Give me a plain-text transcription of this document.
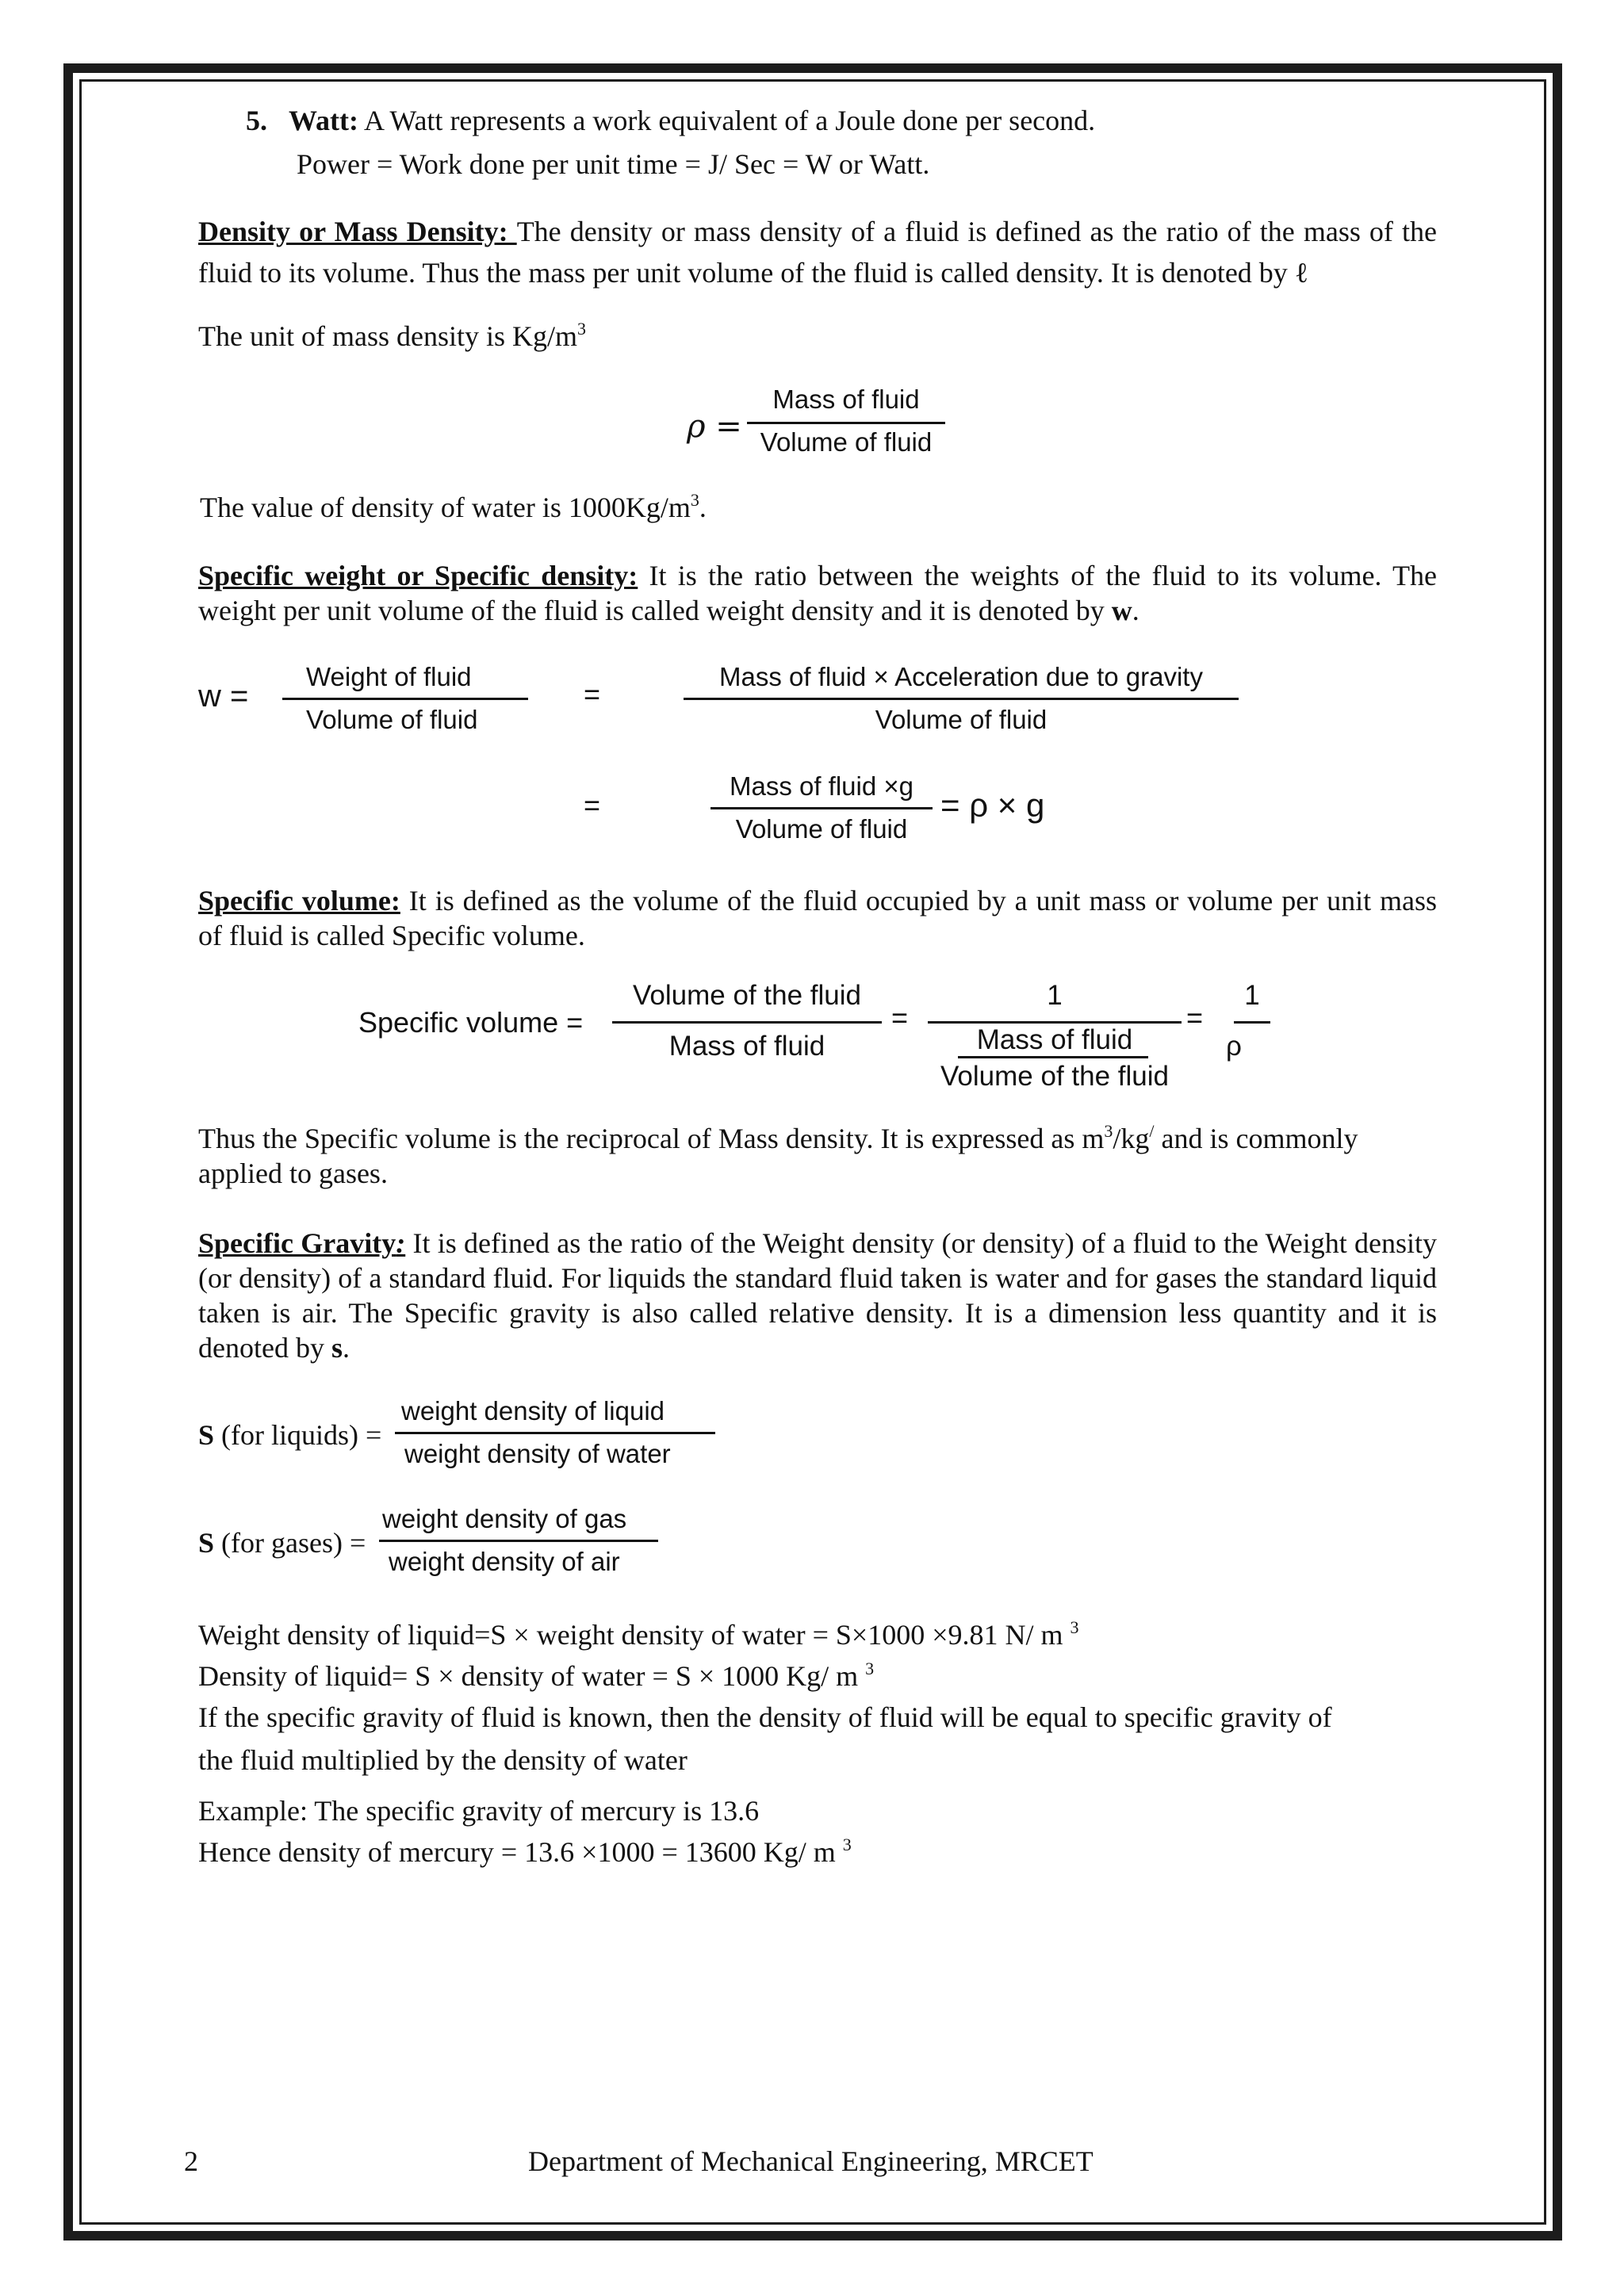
5. Watt: A Watt represents a work equivalent of a Joule done per second.
Power = Work done per unit time = J/ Sec = W or Watt.
Density or Mass Density: The density or mass density of a fluid is defined as the ratio of the mass of the fluid to its volume. Thus the mass per unit volume of the fluid is called density. It is denoted by ℓ
The unit of mass density is $Kg/m^3$
ρ =
Mass of fluid
Volume of fluid
The value of density of water is $1000Kg/m^3$.
Specific weight or Specific density: It is the ratio between the weights of the fluid to its volume. The weight per unit volume of the fluid is called weight density and it is denoted by w.
w =
Weight of fluid
Volume of fluid
=
Mass of fluid × Acceleration due to gravity
Volume of fluid
=
Mass of fluid ×g
Volume of fluid
= ρ × g
Specific volume: It is defined as the volume of the fluid occupied by a unit mass or volume per unit mass of fluid is called Specific volume.
Specific volume =
Volume of the fluid
Mass of fluid
=
1
Mass of fluid
Volume of the fluid
=
1
ρ
Thus the Specific volume is the reciprocal of Mass density. It is expressed as $m^3/kg^/$ and is commonly
applied to gases.
Specific Gravity: It is defined as the ratio of the Weight density (or density) of a fluid to the Weight density (or density) of a standard fluid. For liquids the standard fluid taken is water and for gases the standard liquid taken is air. The Specific gravity is also called relative density. It is a dimension less quantity and it is denoted by s.
S (for liquids) =
weight density of liquid
weight density of water
S (for gases) =
weight density of gas
weight density of air
Weight density of liquid=S × weight density of water = S×1000 ×9.81 N/ m $^3$
Density of liquid= S × density of water = S × 1000 Kg/ m $^3$
If the specific gravity of fluid is known, then the density of fluid will be equal to specific gravity of
the fluid multiplied by the density of water
Example: The specific gravity of mercury is 13.6
Hence density of mercury = 13.6 ×1000 = 13600 Kg/ m $^3$
2	Department of Mechanical Engineering, MRCET
